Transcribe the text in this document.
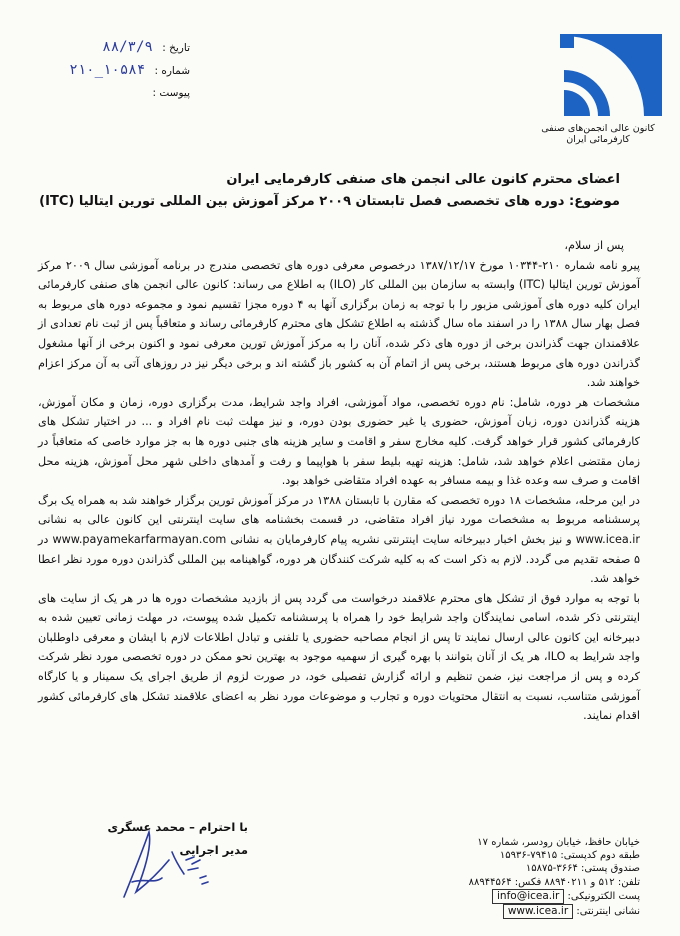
تاریخ : ۸۸/۳/۹
شماره : ۲۱۰_۱۰۵۸۴
پیوست :
کانون عالی انجمن‌های صنفی کارفرمائی ایران
اعضای محترم کانون عالی انجمن های صنفی کارفرمایی ایران
موضوع: دوره های تخصصی فصل تابستان ۲۰۰۹ مرکز آموزش بین المللی تورین ایتالیا (ITC)

پس از سلام،

پیرو نامه شماره ۲۱۰-۱۰۳۴۴ مورخ ۱۳۸۷/۱۲/۱۷ درخصوص معرفی دوره های تخصصی مندرج در برنامه آموزشی سال ۲۰۰۹ مرکز آموزش تورین ایتالیا (ITC) وابسته به سازمان بین المللی کار (ILO) به اطلاع می رساند: کانون عالی انجمن های صنفی کارفرمائی ایران کلیه دوره های آموزشی مزبور را با توجه به زمان برگزاری آنها به ۴ دوره مجزا تقسیم نمود و مجموعه دوره های مربوط به فصل بهار سال ۱۳۸۸ را در اسفند ماه سال گذشته به اطلاع تشکل های محترم کارفرمائی رساند و متعاقباً پس از ثبت نام تعدادی از علاقمندان جهت گذراندن برخی از دوره های ذکر شده، آنان را به مرکز آموزش تورین معرفی نمود و اکنون برخی از آنها مشغول گذراندن دوره های مربوط هستند، برخی پس از اتمام آن به کشور باز گشته اند و برخی دیگر نیز در روزهای آتی به آن مرکز اعزام خواهند شد.

مشخصات هر دوره، شامل: نام دوره تخصصی، مواد آموزشی، افراد واجد شرایط، مدت برگزاری دوره، زمان و مکان آموزش، هزینه گذراندن دوره، زبان آموزش، حضوری یا غیر حضوری بودن دوره، و نیز مهلت ثبت نام افراد و ... در اختیار تشکل های کارفرمائی کشور قرار خواهد گرفت. کلیه مخارج سفر و اقامت و سایر هزینه های جنبی دوره ها به جز موارد خاصی که متعاقباً در زمان مقتضی اعلام خواهد شد، شامل: هزینه تهیه بلیط سفر با هواپیما و رفت و آمدهای داخلی شهر محل آموزش، هزینه محل اقامت و صرف سه وعده غذا و بیمه مسافر به عهده افراد متقاضی خواهد بود.

در این مرحله، مشخصات ۱۸ دوره تخصصی که مقارن با تابستان ۱۳۸۸ در مرکز آموزش تورین برگزار خواهند شد به همراه یک برگ پرسشنامه مربوط به مشخصات مورد نیاز افراد متقاضی، در قسمت بخشنامه های سایت اینترنتی این کانون عالی به نشانی www.icea.ir و نیز بخش اخبار دبیرخانه سایت اینترنتی نشریه پیام کارفرمایان به نشانی www.payamekarfarmayan.com در ۵ صفحه تقدیم می گردد. لازم به ذکر است که به کلیه شرکت کنندگان هر دوره، گواهینامه بین المللی گذراندن دوره مورد نظر اعطا خواهد شد.

با توجه به موارد فوق از تشکل های محترم علاقمند درخواست می گردد پس از بازدید مشخصات دوره ها در هر یک از سایت های اینترنتی ذکر شده، اسامی نمایندگان واجد شرایط خود را همراه با پرسشنامه تکمیل شده پیوست، در مهلت زمانی تعیین شده به دبیرخانه این کانون عالی ارسال نمایند تا پس از انجام مصاحبه حضوری یا تلفنی و تبادل اطلاعات لازم با ایشان و معرفی داوطلبان واجد شرایط به ILO، هر یک از آنان بتوانند با بهره گیری از سهمیه موجود به بهترین نحو ممکن در دوره تخصصی مورد نظر شرکت کرده و پس از مراجعت نیز، ضمن تنظیم و ارائه گزارش تفصیلی خود، در صورت لزوم از طریق اجرای یک سمینار و یا کارگاه آموزشی متناسب، نسبت به انتقال محتویات دوره و تجارب و موضوعات مورد نظر به اعضای علاقمند تشکل های کارفرمائی کشور اقدام نمایند.

با احترام – محمد عسگری
مدیر اجرایی
خیابان حافظ، خیابان رودسر، شماره ۱۷
طبقه دوم کدپستی: ۷۹۴۱۵-۱۵۹۳۶
صندوق پستی: ۳۶۶۴-۱۵۸۷۵
تلفن: ۵۱۲ و ۸۸۹۴۰۲۱۱ فکس: ۸۸۹۴۴۵۶۴
پست الکترونیکی: info@icea.ir
نشانی اینترنتی: www.icea.ir
